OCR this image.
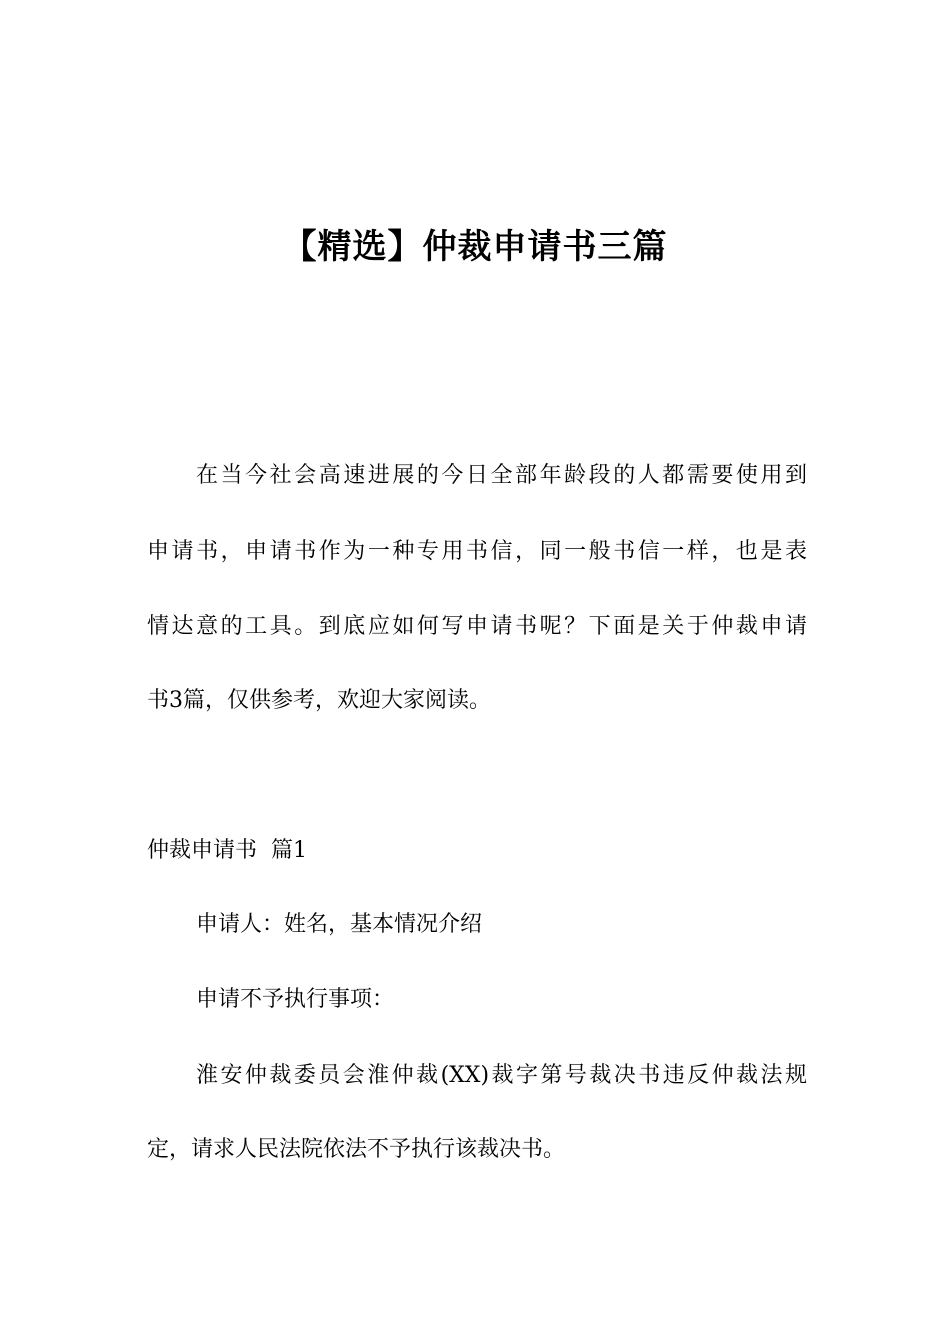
【精选】仲裁申请书三篇
在当今社会高速进展的今日全部年龄段的人都需要使用到
申请书，申请书作为一种专用书信，同一般书信一样，也是表
情达意的工具。到底应如何写申请书呢？下面是关于仲裁申请
书3篇，仅供参考，欢迎大家阅读。
仲裁申请书  篇1
申请人：姓名，基本情况介绍
申请不予执行事项：
淮安仲裁委员会淮仲裁(XX)裁字第号裁决书违反仲裁法规
定，请求人民法院依法不予执行该裁决书。
